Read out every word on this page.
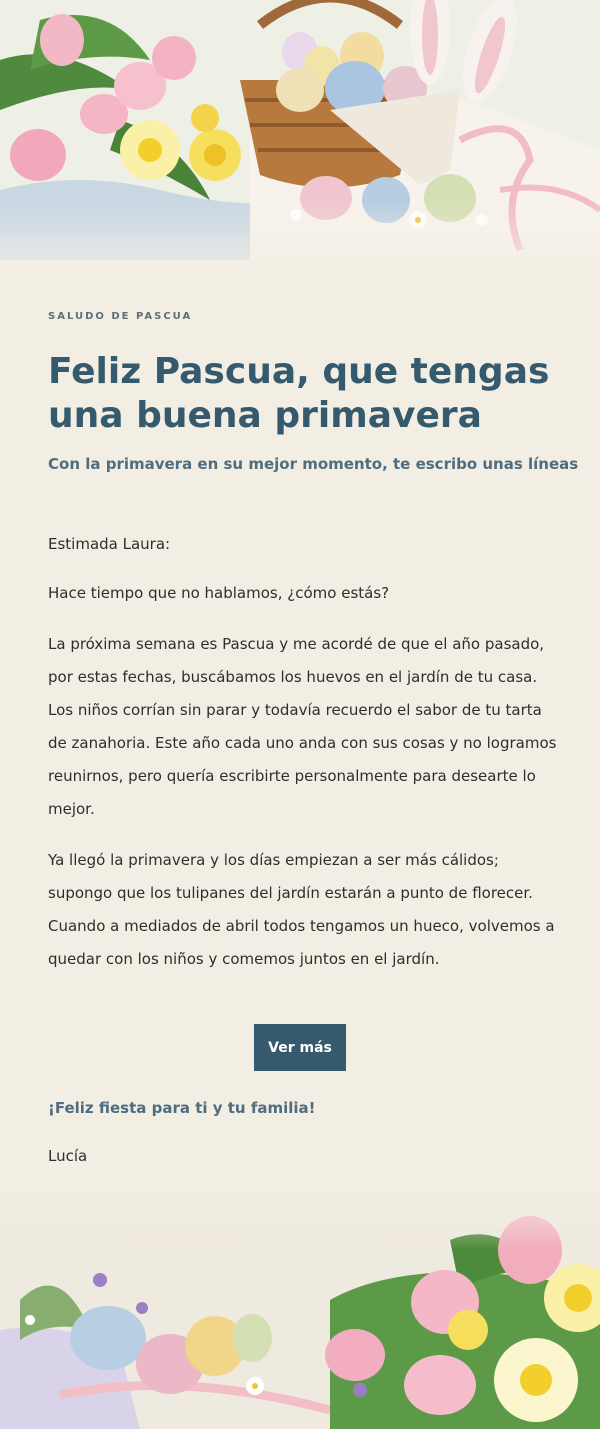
SALUDO DE PASCUA
Feliz Pascua, que tengas una buena primavera
Con la primavera en su mejor momento, te escribo unas líneas

Estimada Laura:

Hace tiempo que no hablamos, ¿cómo estás?

La próxima semana es Pascua y me acordé de que el año pasado, por estas fechas, buscábamos los huevos en el jardín de tu casa. Los niños corrían sin parar y todavía recuerdo el sabor de tu tarta de zanahoria. Este año cada uno anda con sus cosas y no logramos reunirnos, pero quería escribirte personalmente para desearte lo mejor.

Ya llegó la primavera y los días empiezan a ser más cálidos; supongo que los tulipanes del jardín estarán a punto de florecer. Cuando a mediados de abril todos tengamos un hueco, volvemos a quedar con los niños y comemos juntos en el jardín.

Ver más
¡Feliz fiesta para ti y tu familia!
Lucía
